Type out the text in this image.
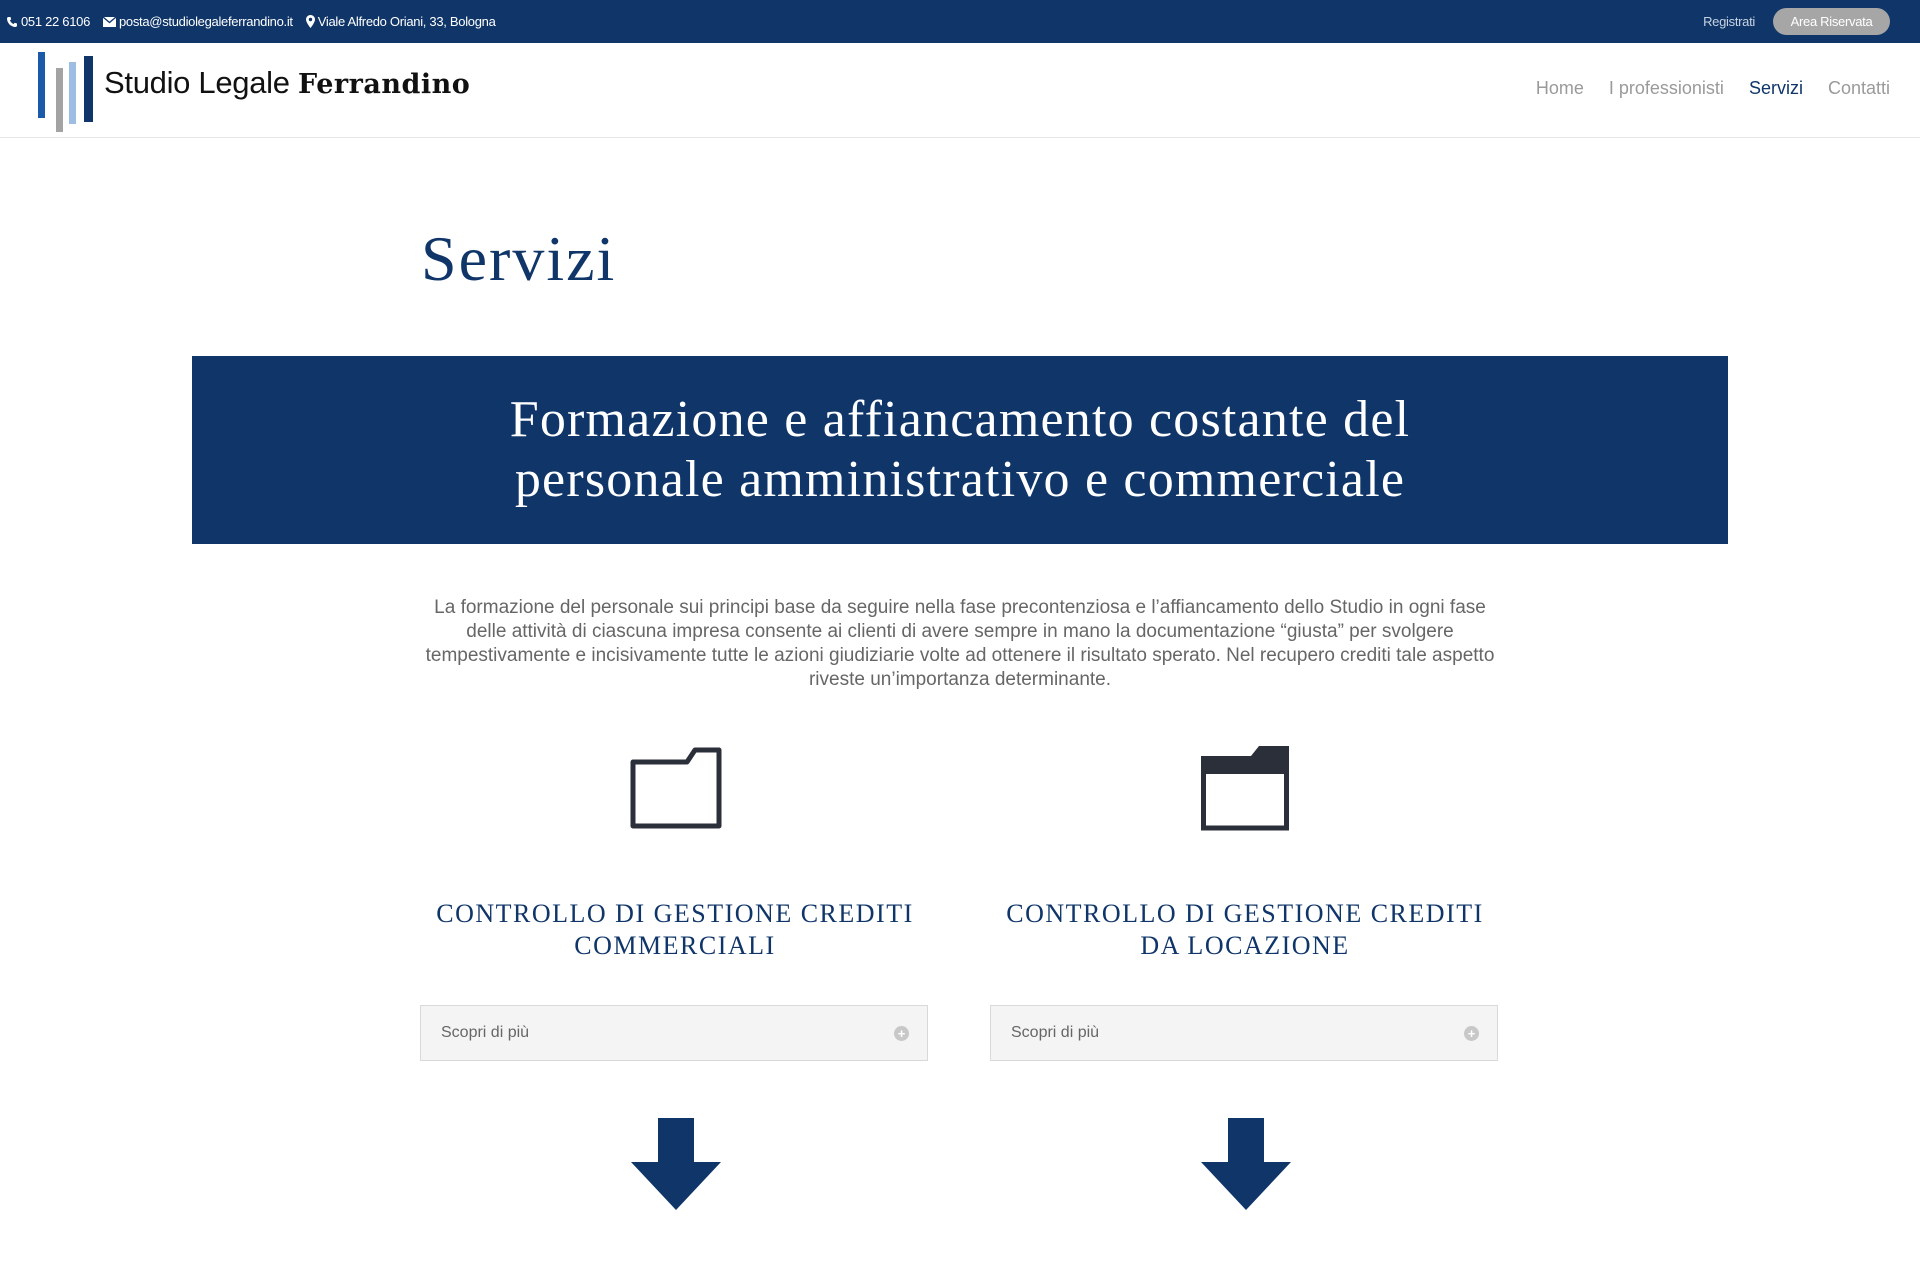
051 22 6106 posta@studiolegaleferrandino.it Viale Alfredo Oriani, 33, Bologna	Registrati	Area Riservata
Studio Legale Ferrandino	Home I professionisti Servizi Contatti
Servizi
Formazione e affiancamento costante del personale amministrativo e commerciale

La formazione del personale sui principi base da seguire nella fase precontenziosa e l’affiancamento dello Studio in ogni fase delle attività di ciascuna impresa consente ai clienti di avere sempre in mano la documentazione “giusta” per svolgere tempestivamente e incisivamente tutte le azioni giudiziarie volte ad ottenere il risultato sperato. Nel recupero crediti tale aspetto riveste un’importanza determinante.

CONTROLLO DI GESTIONE CREDITI COMMERCIALI
Scopri di più	+
CONTROLLO DI GESTIONE CREDITI DA LOCAZIONE
Scopri di più	+
